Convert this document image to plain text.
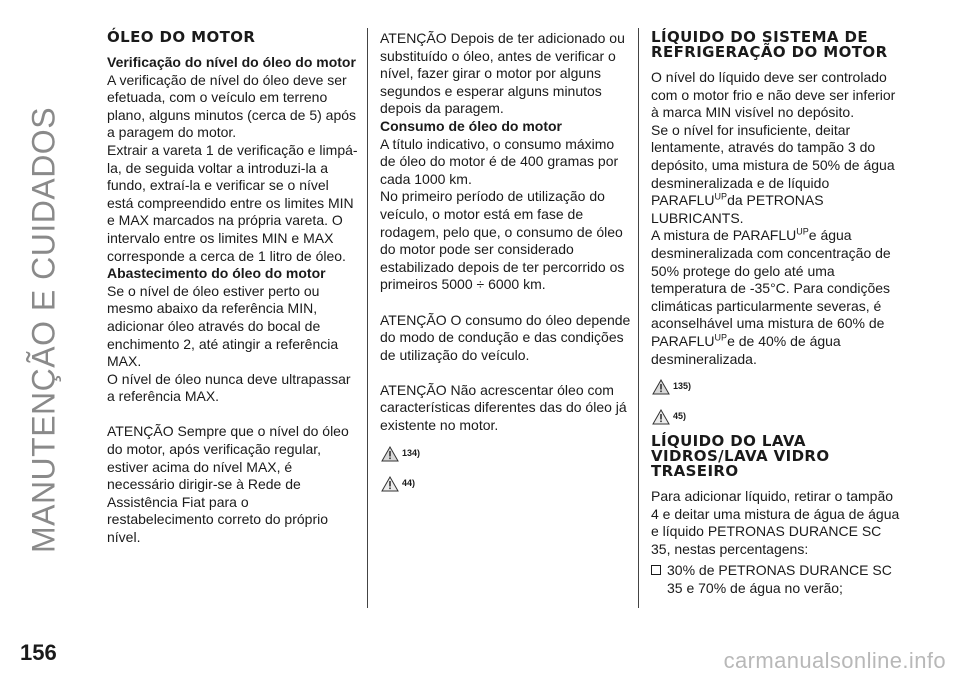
MANUTENÇÃO E CUIDADOS
ÓLEO DO MOTOR

Verificação do nível do óleo do motor

A verificação de nível do óleo deve ser efetuada, com o veículo em terreno plano, alguns minutos (cerca de 5) após a paragem do motor.

Extrair a vareta 1 de verificação e limpá-la, de seguida voltar a introduzi-la a fundo, extraí-la e verificar se o nível está compreendido entre os limites MIN e MAX marcados na própria vareta. O intervalo entre os limites MIN e MAX corresponde a cerca de 1 litro de óleo.

Abastecimento do óleo do motor

Se o nível de óleo estiver perto ou mesmo abaixo da referência MIN, adicionar óleo através do bocal de enchimento 2, até atingir a referência MAX.

O nível de óleo nunca deve ultrapassar a referência MAX.

ATENÇÃO Sempre que o nível do óleo do motor, após verificação regular, estiver acima do nível MAX, é necessário dirigir-se à Rede de Assistência Fiat para o restabelecimento correto do próprio nível.

ATENÇÃO Depois de ter adicionado ou substituído o óleo, antes de verificar o nível, fazer girar o motor por alguns segundos e esperar alguns minutos depois da paragem.

Consumo de óleo do motor

A título indicativo, o consumo máximo de óleo do motor é de 400 gramas por cada 1000 km.

No primeiro período de utilização do veículo, o motor está em fase de rodagem, pelo que, o consumo de óleo do motor pode ser considerado estabilizado depois de ter percorrido os primeiros 5000 ÷ 6000 km.

ATENÇÃO O consumo do óleo depende do modo de condução e das condições de utilização do veículo.

ATENÇÃO Não acrescentar óleo com características diferentes das do óleo já existente no motor.

134)
44)
LÍQUIDO DO SISTEMA DE REFRIGERAÇÃO DO MOTOR

O nível do líquido deve ser controlado com o motor frio e não deve ser inferior à marca MIN visível no depósito.

Se o nível for insuficiente, deitar lentamente, através do tampão 3 do depósito, uma mistura de 50% de água desmineralizada e de líquido $PARAFLU^{UP}da$ PETRONAS LUBRICANTS.

A mistura de $PARAFLU^{UP}e$ água desmineralizada com concentração de 50% protege do gelo até uma temperatura de -35°C. Para condições climáticas particularmente severas, é aconselhável uma mistura de 60% de $PARAFLU^{UP}e$ de 40% de água desmineralizada.

135)
45)
LÍQUIDO DO LAVA VIDROS/LAVA VIDRO TRASEIRO

Para adicionar líquido, retirar o tampão 4 e deitar uma mistura de água de água e líquido PETRONAS DURANCE SC 35, nestas percentagens:

30% de PETRONAS DURANCE SC 35 e 70% de água no verão;
156	carmanualsonline.info
